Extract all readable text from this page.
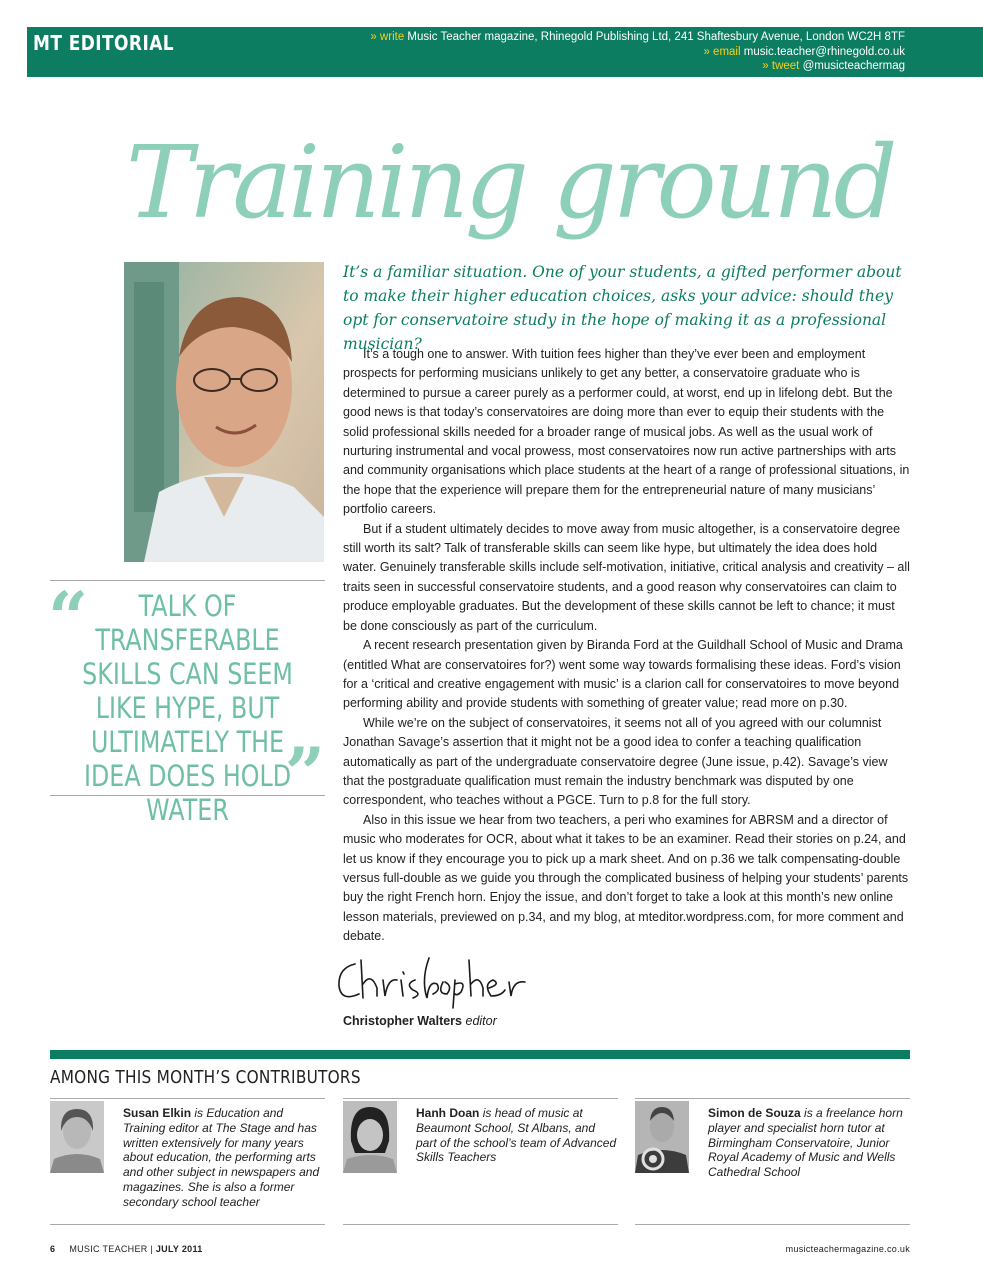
MT EDITORIAL	» write Music Teacher magazine, Rhinegold Publishing Ltd, 241 Shaftesbury Avenue, London WC2H 8TF
» email music.teacher@rhinegold.co.uk
» tweet @musicteachermag
Training ground
“	TALK OF TRANSFERABLE SKILLS CAN SEEM LIKE HYPE, BUT ULTIMATELY THE IDEA DOES HOLD WATER ”
It’s a familiar situation. One of your students, a gifted performer about to make their higher education choices, asks your advice: should they opt for conservatoire study in the hope of making it as a professional musician?

It’s a tough one to answer. With tuition fees higher than they’ve ever been and employment prospects for performing musicians unlikely to get any better, a conservatoire graduate who is determined to pursue a career purely as a performer could, at worst, end up in lifelong debt. But the good news is that today’s conservatoires are doing more than ever to equip their students with the solid professional skills needed for a broader range of musical jobs. As well as the usual work of nurturing instrumental and vocal prowess, most conservatoires now run active partnerships with arts and community organisations which place students at the heart of a range of professional situations, in the hope that the experience will prepare them for the entrepreneurial nature of many musicians’ portfolio careers.

But if a student ultimately decides to move away from music altogether, is a conservatoire degree still worth its salt? Talk of transferable skills can seem like hype, but ultimately the idea does hold water. Genuinely transferable skills include self-motivation, initiative, critical analysis and creativity – all traits seen in successful conservatoire students, and a good reason why conservatoires can claim to produce employable graduates. But the development of these skills cannot be left to chance; it must be done consciously as part of the curriculum.

A recent research presentation given by Biranda Ford at the Guildhall School of Music and Drama (entitled What are conservatoires for?) went some way towards formalising these ideas. Ford’s vision for a ‘critical and creative engagement with music’ is a clarion call for conservatoires to move beyond performing ability and provide students with something of greater value; read more on p.30.

While we’re on the subject of conservatoires, it seems not all of you agreed with our columnist Jonathan Savage’s assertion that it might not be a good idea to confer a teaching qualification automatically as part of the undergraduate conservatoire degree (June issue, p.42). Savage’s view that the postgraduate qualification must remain the industry benchmark was disputed by one correspondent, who teaches without a PGCE. Turn to p.8 for the full story.

Also in this issue we hear from two teachers, a peri who examines for ABRSM and a director of music who moderates for OCR, about what it takes to be an examiner. Read their stories on p.24, and let us know if they encourage you to pick up a mark sheet. And on p.36 we talk compensating-double versus full-double as we guide you through the complicated business of helping your students’ parents buy the right French horn. Enjoy the issue, and don’t forget to take a look at this month’s new online lesson materials, previewed on p.34, and my blog, at mteditor.wordpress.com, for more comment and debate.

Christopher Walters editor
AMONG THIS MONTH’S CONTRIBUTORS
Susan Elkin is Education and Training editor at The Stage and has written extensively for many years about education, the performing arts and other subject in newspapers and magazines. She is also a former secondary school teacher
Hanh Doan is head of music at Beaumont School, St Albans, and part of the school’s team of Advanced Skills Teachers
Simon de Souza is a freelance horn player and specialist horn tutor at Birmingham Conservatoire, Junior Royal Academy of Music and Wells Cathedral School
6 MUSIC TEACHER | JULY 2011	musicteachermagazine.co.uk
